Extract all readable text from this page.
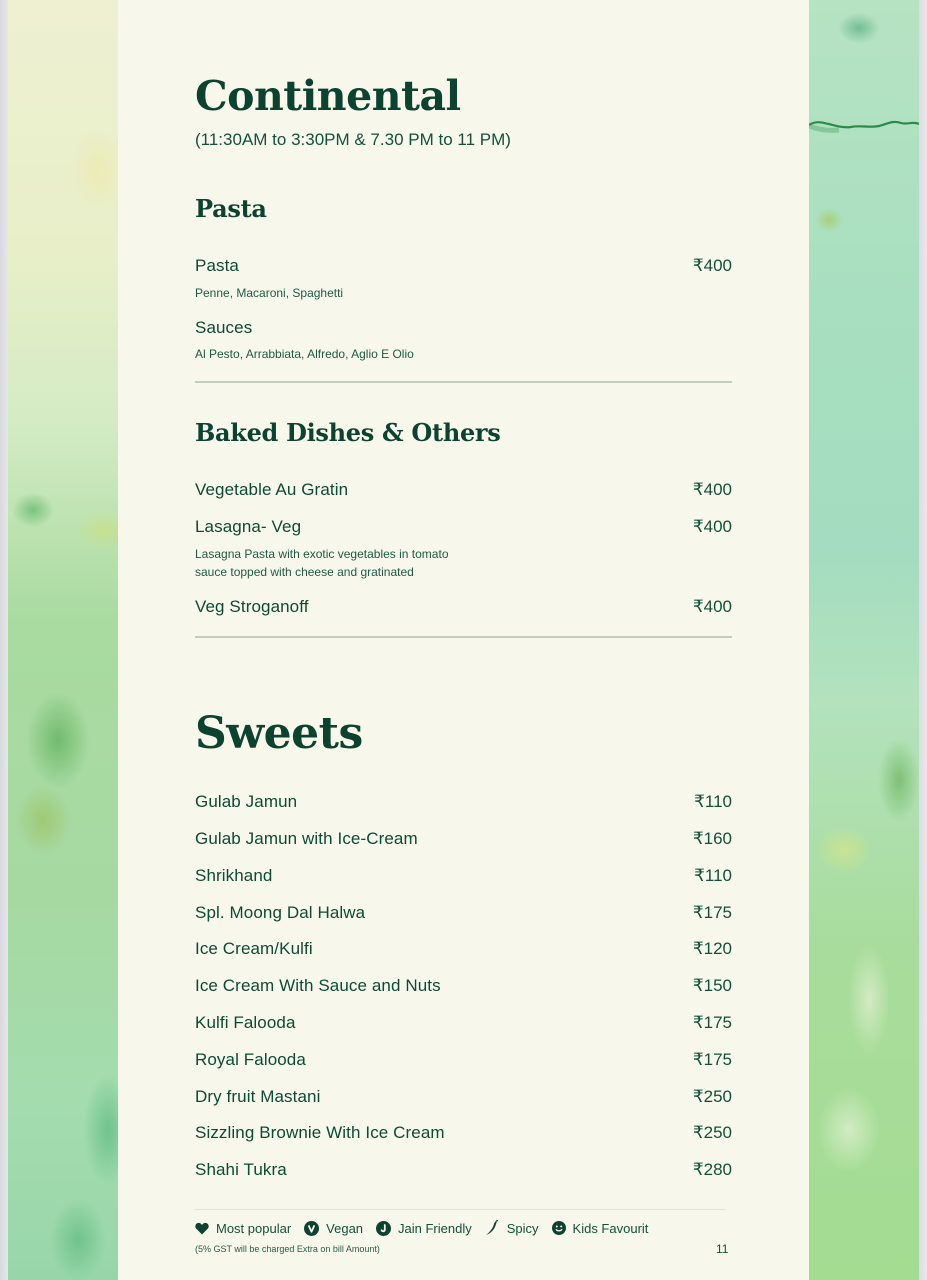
Continental
(11:30AM to 3:30PM & 7.30 PM to 11 PM)
Pasta
Pasta	₹400
Penne, Macaroni, Spaghetti
Sauces
Al Pesto, Arrabbiata, Alfredo, Aglio E Olio
Baked Dishes & Others
Vegetable Au Gratin	₹400
Lasagna- Veg	₹400
Lasagna Pasta with exotic vegetables in tomato
sauce topped with cheese and gratinated
Veg Stroganoff	₹400
Sweets
Gulab Jamun	₹110
Gulab Jamun with Ice-Cream	₹160
Shrikhand	₹110
Spl. Moong Dal Halwa	₹175
Ice Cream/Kulfi	₹120
Ice Cream With Sauce and Nuts	₹150
Kulfi Falooda	₹175
Royal Falooda	₹175
Dry fruit Mastani	₹250
Sizzling Brownie With Ice Cream	₹250
Shahi Tukra	₹280
Most popular	Vegan	Jain Friendly	Spicy	Kids Favourit
(5% GST will be charged Extra on bill Amount)	11
